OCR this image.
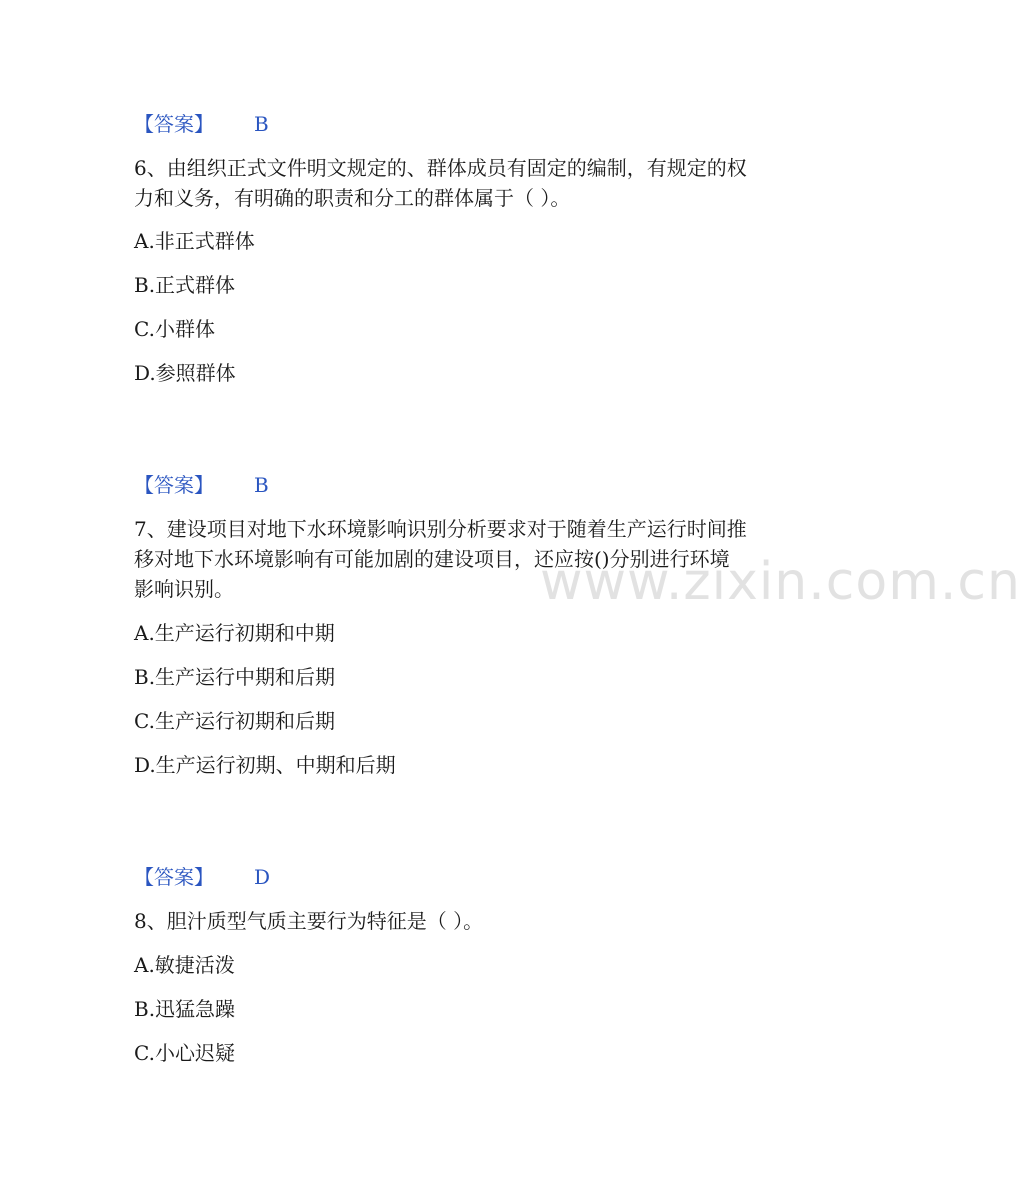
www.zixin.com.cn
【答案】 B
6、由组织正式文件明文规定的、群体成员有固定的编制，有规定的权
力和义务，有明确的职责和分工的群体属于（ ）。
A.非正式群体
B.正式群体
C.小群体
D.参照群体
【答案】 B
7、建设项目对地下水环境影响识别分析要求对于随着生产运行时间推
移对地下水环境影响有可能加剧的建设项目，还应按()分别进行环境
影响识别。
A.生产运行初期和中期
B.生产运行中期和后期
C.生产运行初期和后期
D.生产运行初期、中期和后期
【答案】 D
8、胆汁质型气质主要行为特征是（ ）。
A.敏捷活泼
B.迅猛急躁
C.小心迟疑
